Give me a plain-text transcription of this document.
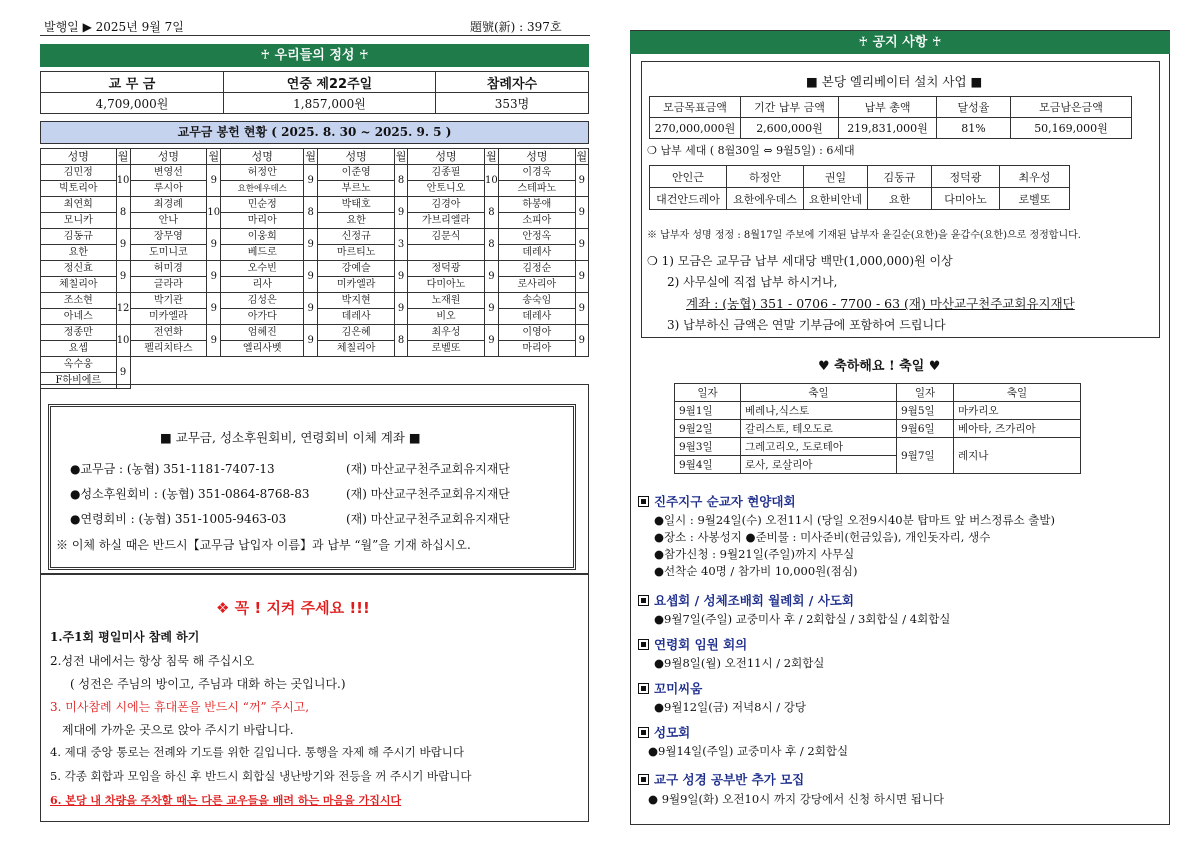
발행일 ▶ 2025년 9월 7일	題號(新) : 397호
♰ 우리들의 정성 ♰
교 무 금	연중 제22주일	참례자수
4,709,000원	1,857,000원	353명
교무금 봉헌 현황 ( 2025. 8. 30 ~ 2025. 9. 5 )
성명	월	성명	월	성명	월	성명	월	성명	월	성명	월
김민정	10	변영선	9	허정안	9	이준영	8	김종필	10	이경욱	9
빅토리아		루시아		요한에우데스		부르노		안토니오		스테파노	
최연희	8	최경례	10	민순정	8	박태호	9	김경아	8	하봉애	9
모니카		안나		마리아		요한		가브리엘라		소피아	
김동규	9	장무영	9	이웅희	9	신정규	3	김문식	8	안정옥	9
요한		도미니코		베드로		마르티노				데레사	
정신효	9	허미경	9	오수빈	9	강예슬	9	정덕광	9	김정순	9
체칠리아		글라라		리사		미카엘라		다미아노		로사리아	
조소현	12	박기관	9	김성은	9	박지현	9	노재원	9	송숙임	9
아네스		미카엘라		아가다		데레사		비오		데레사	
정종만	10	전연화	9	엄혜진	9	김은혜	8	최우성	9	이영아	9
요셉		펠리치타스		엘리사벳		체칠리아		로벨또		마리아	
옥수웅	9										
F하비에르											
■ 교무금, 성소후원회비, 연령회비 이체 계좌 ■
●교무금 : (농협) 351-1181-7407-13	(재) 마산교구천주교회유지재단
●성소후원회비 : (농협) 351-0864-8768-83	(재) 마산교구천주교회유지재단
●연령회비 : (농협) 351-1005-9463-03	(재) 마산교구천주교회유지재단
※ 이체 하실 때은 반드시【교무금 납입자 이름】과 납부 “월”을 기재 하십시오.
❖ 꼭 ! 지켜 주세요 !!!
1.주1회 평일미사 참례 하기
2.성전 내에서는 항상 침묵 해 주십시오
( 성전은 주님의 방이고, 주님과 대화 하는 곳입니다.)
3. 미사참례 시에는 휴대폰을 반드시 “꺼” 주시고,
제대에 가까운 곳으로 앉아 주시기 바랍니다.
4. 제대 중앙 통로는 전례와 기도를 위한 길입니다. 통행을 자제 해 주시기 바랍니다
5. 각종 회합과 모임을 하신 후 반드시 회합실 냉난방기와 전등을 꺼 주시기 바랍니다
6. 본당 내 차량을 주차할 때는 다른 교우들을 배려 하는 마음을 가집시다
♰ 공지 사항 ♰
■ 본당 엘리베이터 설치 사업 ■
모금목표금액	기간 납부 금액	납부 총액	달성율	모금남은금액
270,000,000원	2,600,000원	219,831,000원	81%	50,169,000원
❍ 납부 세대 ( 8월30일 ⇔ 9월5일) : 6세대
안인근	하정안	권일	김동규	정덕광	최우성
대건안드레아	요한에우데스	요한비안네	요한	다미아노	로벨또
※ 납부자 성명 정정 : 8월17일 주보에 기재된 납부자 윤길순(요한)을 윤갑수(요한)으로 정정합니다.
❍ 1) 모금은 교무금 납부 세대당 백만(1,000,000)원 이상
2) 사무실에 직접 납부 하시거나,
계좌 : (농협) 351 - 0706 - 7700 - 63 (재) 마산교구천주교회유지재단
3) 납부하신 금액은 연말 기부금에 포함하여 드립니다
♥ 축하해요 ! 축일 ♥
일자	축일	일자	축일
9월1일	베레나,식스토	9월5일	마카리오
9월2일	갈리스토, 테오도로	9월6일	베아타, 즈가리아
9월3일	그레고리오, 도로테아	9월7일	레지나
9월4일	로사, 로살리아		
진주지구 순교자 현양대회
●일시 : 9월24일(수) 오전11시 (당일 오전9시40분 탑마트 앞 버스정류소 출발)
●장소 : 사봉성지 ●준비물 : 미사준비(헌금있음), 개인돗자리, 생수
●참가신청 : 9월21일(주일)까지 사무실
●선착순 40명 / 참가비 10,000원(점심)
요셉회 / 성체조배회 월례회 / 사도회
●9월7일(주일) 교중미사 후 / 2회합실 / 3회합실 / 4회합실
연령회 임원 회의
●9월8일(월) 오전11시 / 2회합실
꼬미씨움
●9월12일(금) 저녁8시 / 강당
성모회
●9월14일(주일) 교중미사 후 / 2회합실
교구 성경 공부반 추가 모집
● 9월9일(화) 오전10시 까지 강당에서 신청 하시면 됩니다
